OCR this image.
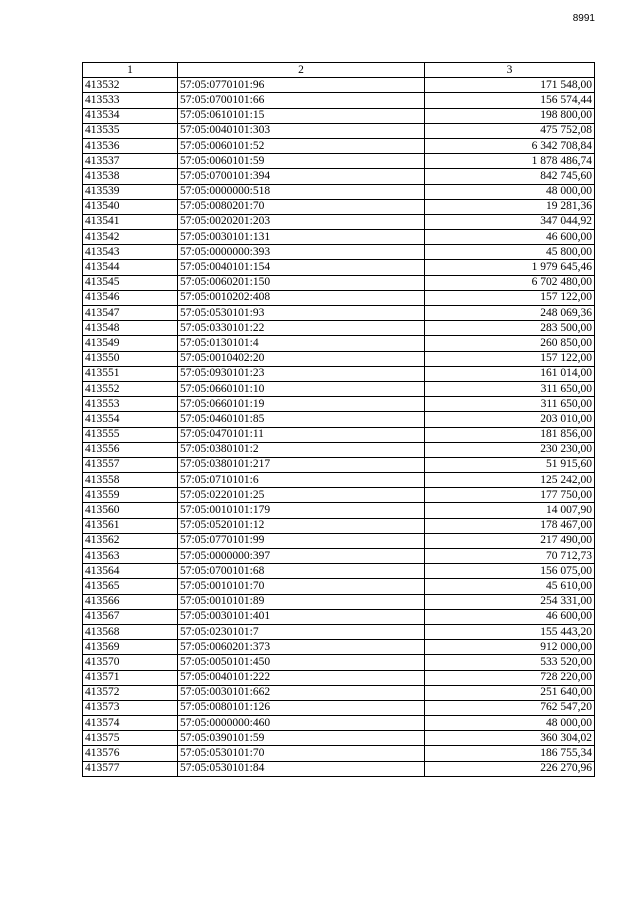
8991
1	2	3
413532	57:05:0770101:96	171 548,00
413533	57:05:0700101:66	156 574,44
413534	57:05:0610101:15	198 800,00
413535	57:05:0040101:303	475 752,08
413536	57:05:0060101:52	6 342 708,84
413537	57:05:0060101:59	1 878 486,74
413538	57:05:0700101:394	842 745,60
413539	57:05:0000000:518	48 000,00
413540	57:05:0080201:70	19 281,36
413541	57:05:0020201:203	347 044,92
413542	57:05:0030101:131	46 600,00
413543	57:05:0000000:393	45 800,00
413544	57:05:0040101:154	1 979 645,46
413545	57:05:0060201:150	6 702 480,00
413546	57:05:0010202:408	157 122,00
413547	57:05:0530101:93	248 069,36
413548	57:05:0330101:22	283 500,00
413549	57:05:0130101:4	260 850,00
413550	57:05:0010402:20	157 122,00
413551	57:05:0930101:23	161 014,00
413552	57:05:0660101:10	311 650,00
413553	57:05:0660101:19	311 650,00
413554	57:05:0460101:85	203 010,00
413555	57:05:0470101:11	181 856,00
413556	57:05:0380101:2	230 230,00
413557	57:05:0380101:217	51 915,60
413558	57:05:0710101:6	125 242,00
413559	57:05:0220101:25	177 750,00
413560	57:05:0010101:179	14 007,90
413561	57:05:0520101:12	178 467,00
413562	57:05:0770101:99	217 490,00
413563	57:05:0000000:397	70 712,73
413564	57:05:0700101:68	156 075,00
413565	57:05:0010101:70	45 610,00
413566	57:05:0010101:89	254 331,00
413567	57:05:0030101:401	46 600,00
413568	57:05:0230101:7	155 443,20
413569	57:05:0060201:373	912 000,00
413570	57:05:0050101:450	533 520,00
413571	57:05:0040101:222	728 220,00
413572	57:05:0030101:662	251 640,00
413573	57:05:0080101:126	762 547,20
413574	57:05:0000000:460	48 000,00
413575	57:05:0390101:59	360 304,02
413576	57:05:0530101:70	186 755,34
413577	57:05:0530101:84	226 270,96
